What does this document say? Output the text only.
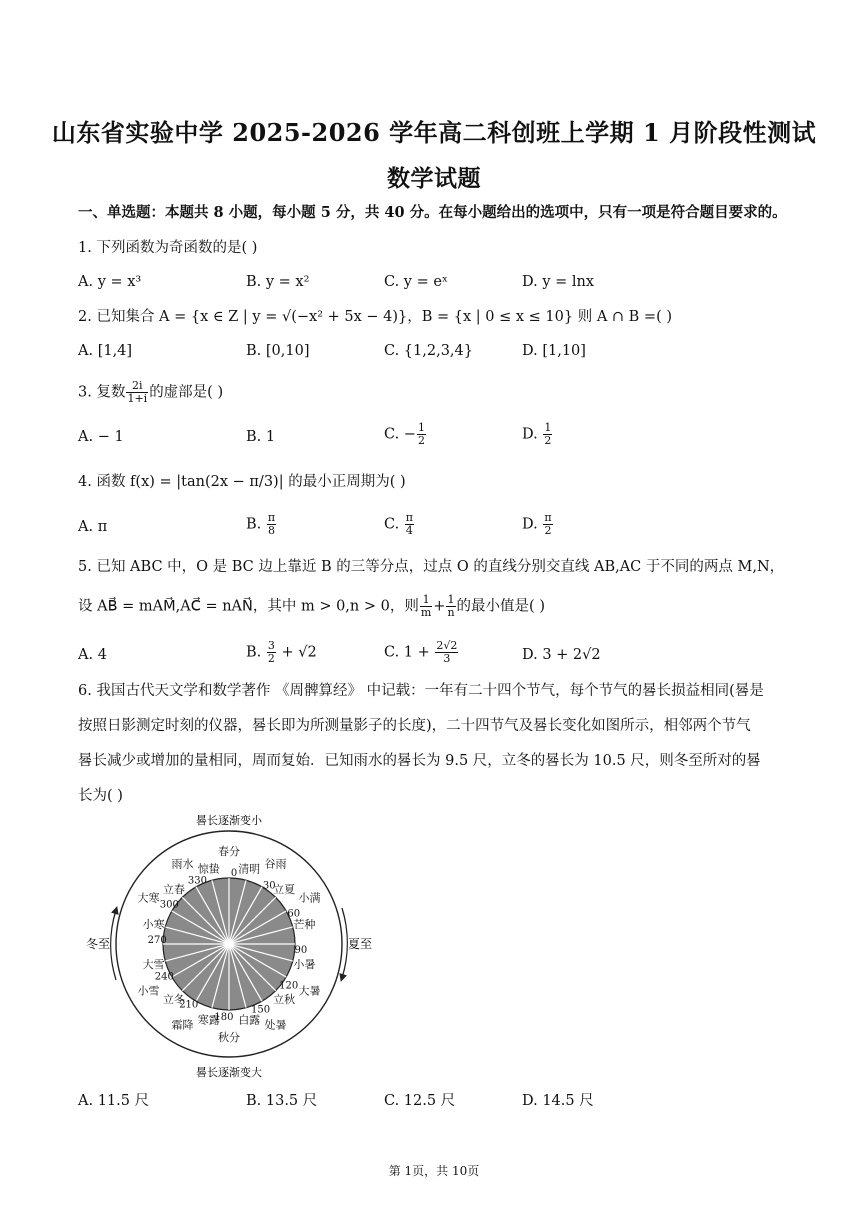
山东省实验中学 2025-2026 学年高二科创班上学期 1 月阶段性测试
数学试题
一、单选题：本题共 8 小题，每小题 5 分，共 40 分。在每小题给出的选项中，只有一项是符合题目要求的。
1. 下列函数为奇函数的是( )
A. y = x³	B. y = x²	C. y = eˣ	D. y = lnx
2. 已知集合 A = {x ∈ Z | y = √(−x² + 5x − 4)}，B = {x | 0 ≤ x ≤ 10} 则 A ∩ B =( )
A. [1,4]	B. [0,10]	C. {1,2,3,4}	D. [1,10]
3. 复数 $\frac{2i}{1+i}$ 的虚部是( )
A. − 1	B. 1	C. − $\frac{1}{2}$	D. $\frac{1}{2}$
4. 函数 f(x) = |tan(2x − π/3)| 的最小正周期为( )
A. π	B. $\frac{\pi}{8}$	C. $\frac{\pi}{4}$	D. $\frac{\pi}{2}$
5. 已知 ABC 中，O 是 BC 边上靠近 B 的三等分点，过点 O 的直线分别交直线 AB,AC 于不同的两点 M,N，
设 AB⃗ = mAM⃗,AC⃗ = nAN⃗，其中 m > 0,n > 0，则 $\frac{1}{m} + \frac{1}{n}$ 的最小值是( )
A. 4	B. $\frac{3}{2} + √2$	C. $1 + \frac{2√2}{3}$	D. 3 + 2√2
6. 我国古代天文学和数学著作 《周髀算经》 中记载：一年有二十四个节气，每个节气的晷长损益相同(晷是
按照日影测定时刻的仪器，晷长即为所测量影子的长度)，二十四节气及晷长变化如图所示，相邻两个节气
晷长减少或增加的量相同，周而复始．已知雨水的晷长为 9.5 尺，立冬的晷长为 10.5 尺，则冬至所对的晷
长为( )
晷长逐渐变小
晷长逐渐变大
冬至	夏至
春分
清明 谷雨
立夏
小满
芒种
小暑
大暑
立秋
处暑
白露
秋分
寒露
霜降
立冬
小雪
大雪
小寒
大寒
立春
雨水 惊蛰 0
30
60
90
120
150
180
210
240
270
300
330
A. 11.5 尺	B. 13.5 尺	C. 12.5 尺	D. 14.5 尺
第 1页，共 10页
